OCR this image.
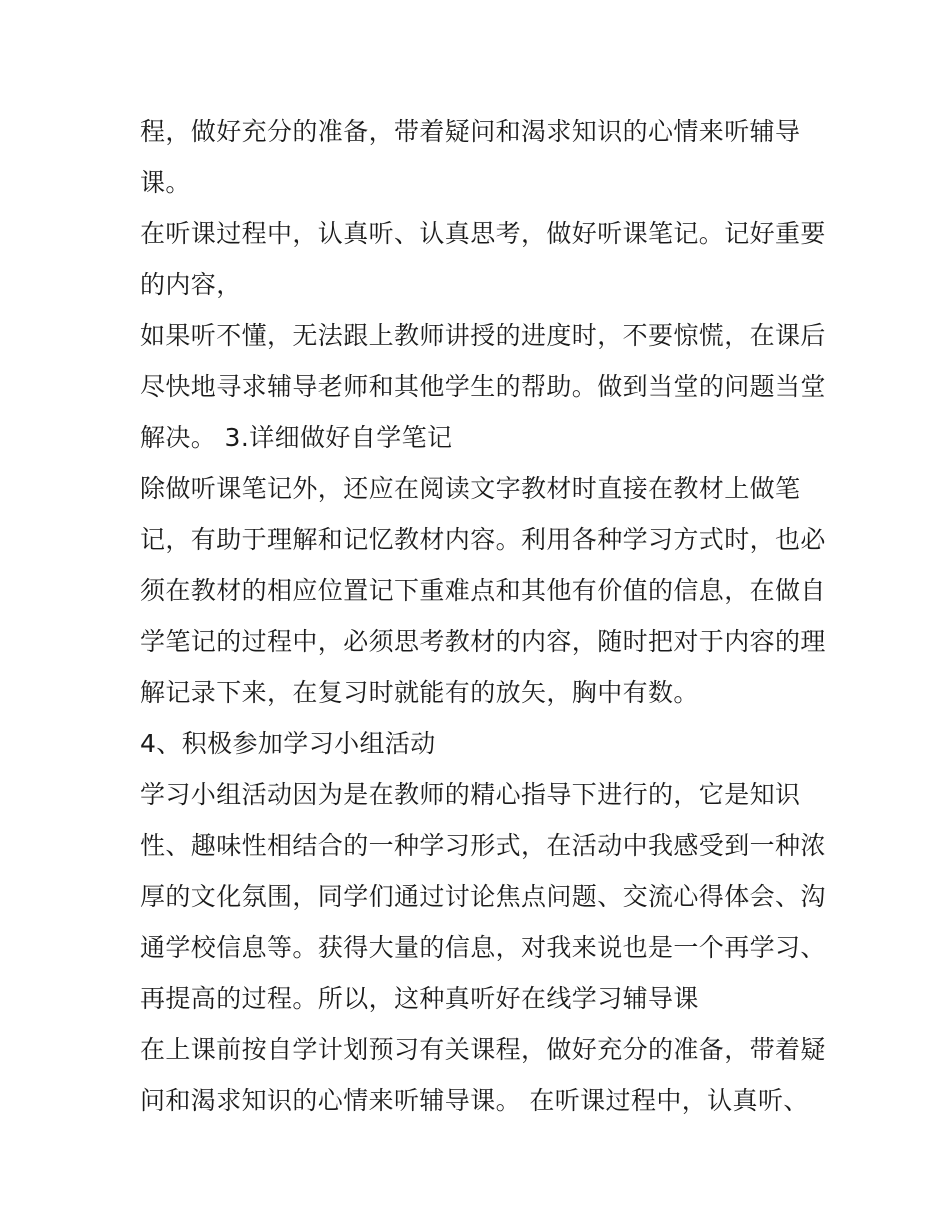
程，做好充分的准备，带着疑问和渴求知识的心情来听辅导
课。
在听课过程中，认真听、认真思考，做好听课笔记。记好重要
的内容，
如果听不懂，无法跟上教师讲授的进度时，不要惊慌，在课后
尽快地寻求辅导老师和其他学生的帮助。做到当堂的问题当堂
解决。 3.详细做好自学笔记
除做听课笔记外，还应在阅读文字教材时直接在教材上做笔
记，有助于理解和记忆教材内容。利用各种学习方式时，也必
须在教材的相应位置记下重难点和其他有价值的信息，在做自
学笔记的过程中，必须思考教材的内容，随时把对于内容的理
解记录下来，在复习时就能有的放矢，胸中有数。
4、积极参加学习小组活动
学习小组活动因为是在教师的精心指导下进行的，它是知识
性、趣味性相结合的一种学习形式，在活动中我感受到一种浓
厚的文化氛围，同学们通过讨论焦点问题、交流心得体会、沟
通学校信息等。获得大量的信息，对我来说也是一个再学习、
再提高的过程。所以，这种真听好在线学习辅导课
在上课前按自学计划预习有关课程，做好充分的准备，带着疑
问和渴求知识的心情来听辅导课。 在听课过程中，认真听、
